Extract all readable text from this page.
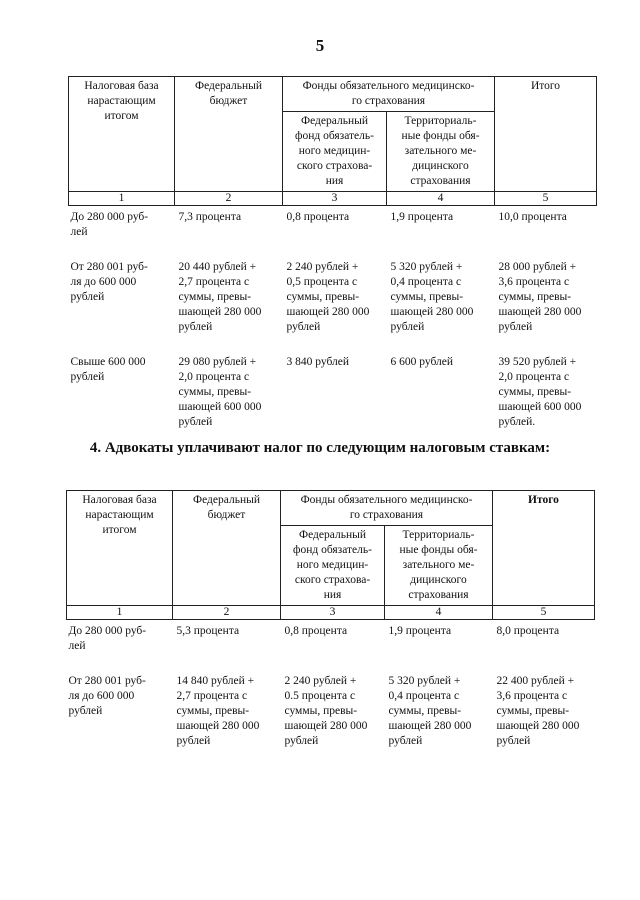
5
Налоговая база
нарастающим
итогом	Федеральный
бюджет	Фонды обязательного медицинско-
го страхования		Итого

		Федеральный
фонд обязатель-
ного медицин-
ского страхова-
ния	Территориаль-
ные фонды обя-
зательного ме-
дицинского
страхования	

1	2	3	4	5

До 280 000 руб-
лей	7,3 процента	0,8 процента	1,9 процента	10,0 процента

От 280 001 руб-
ля до 600 000
рублей	20 440 рублей +
2,7 процента с
суммы, превы-
шающей 280 000
рублей	2 240 рублей +
0,5 процента с
суммы, превы-
шающей 280 000
рублей	5 320 рублей +
0,4 процента с
суммы, превы-
шающей 280 000
рублей	28 000 рублей +
3,6 процента с
суммы, превы-
шающей 280 000
рублей

Свыше 600 000
рублей	29 080 рублей +
2,0 процента с
суммы, превы-
шающей 600 000
рублей	3 840 рублей	6 600 рублей	39 520 рублей +
2,0 процента с
суммы, превы-
шающей 600 000
рублей.
4. Адвокаты уплачивают налог по следующим налоговым ставкам:
Налоговая база
нарастающим
итогом	Федеральный
бюджет	Фонды обязательного медицинско-
го страхования		Итого

		Федеральный
фонд обязатель-
ного медицин-
ского страхова-
ния	Территориаль-
ные фонды обя-
зательного ме-
дицинского
страхования	

1	2	3	4	5

До 280 000 руб-
лей	5,3 процента	0,8 процента	1,9 процента	8,0 процента

От 280 001 руб-
ля до 600 000
рублей	14 840 рублей +
2,7 процента с
суммы, превы-
шающей 280 000
рублей	2 240 рублей +
0.5 процента с
суммы, превы-
шающей 280 000
рублей	5 320 рублей +
0,4 процента с
суммы, превы-
шающей 280 000
рублей	22 400 рублей +
3,6 процента с
суммы, превы-
шающей 280 000
рублей
